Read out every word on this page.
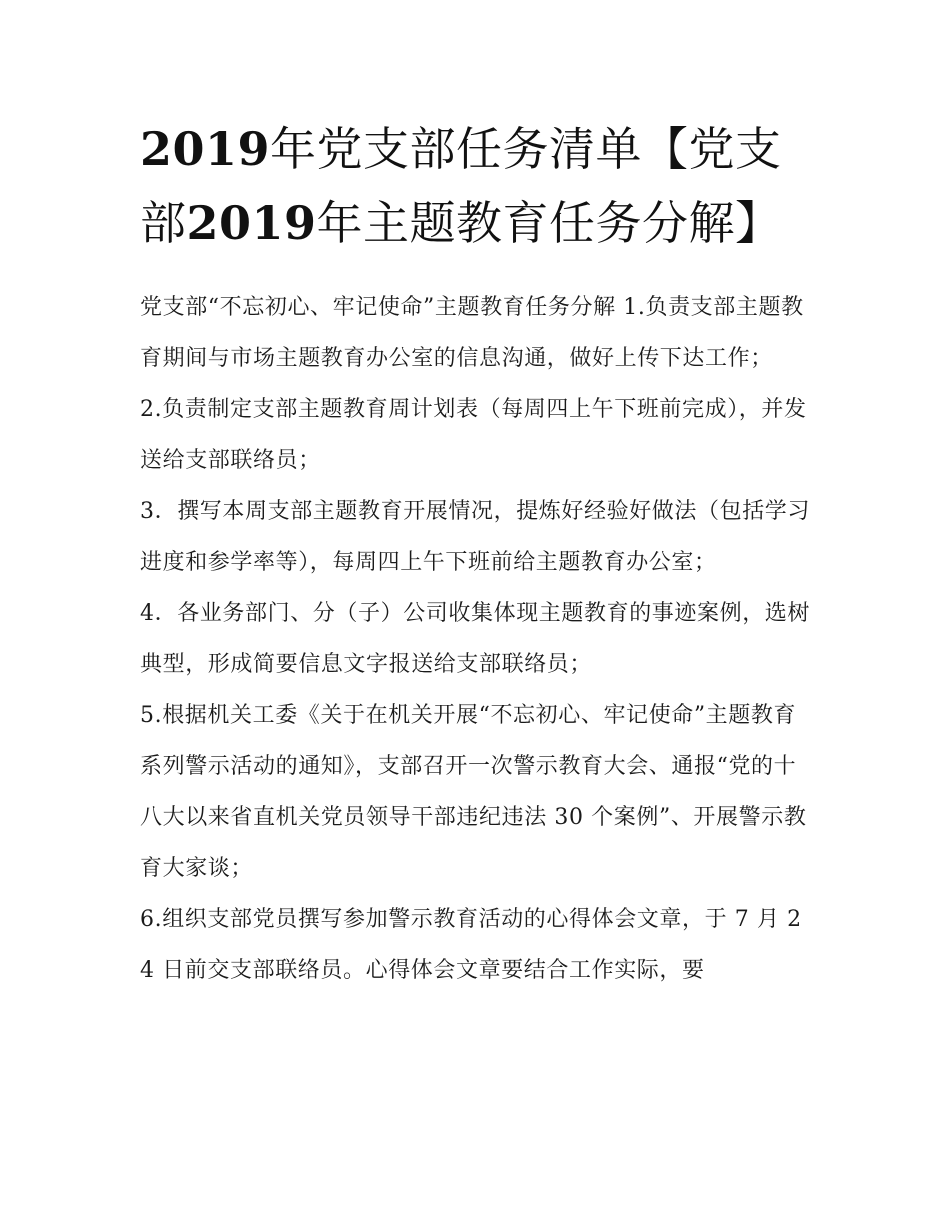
2019年党支部任务清单【党支
部2019年主题教育任务分解】

党支部“不忘初心、牢记使命”主题教育任务分解 1.负责支部主题教育期间与市场主题教育办公室的信息沟通，做好上传下达工作；

2.负责制定支部主题教育周计划表（每周四上午下班前完成），并发送给支部联络员；

3．撰写本周支部主题教育开展情况，提炼好经验好做法（包括学习进度和参学率等），每周四上午下班前给主题教育办公室；

4．各业务部门、分（子）公司收集体现主题教育的事迹案例，选树典型，形成简要信息文字报送给支部联络员；

5.根据机关工委《关于在机关开展“不忘初心、牢记使命”主题教育系列警示活动的通知》，支部召开一次警示教育大会、通报“党的十八大以来省直机关党员领导干部违纪违法 30 个案例”、开展警示教育大家谈；

6.组织支部党员撰写参加警示教育活动的心得体会文章，于 7 月 24 日前交支部联络员。心得体会文章要结合工作实际，要
